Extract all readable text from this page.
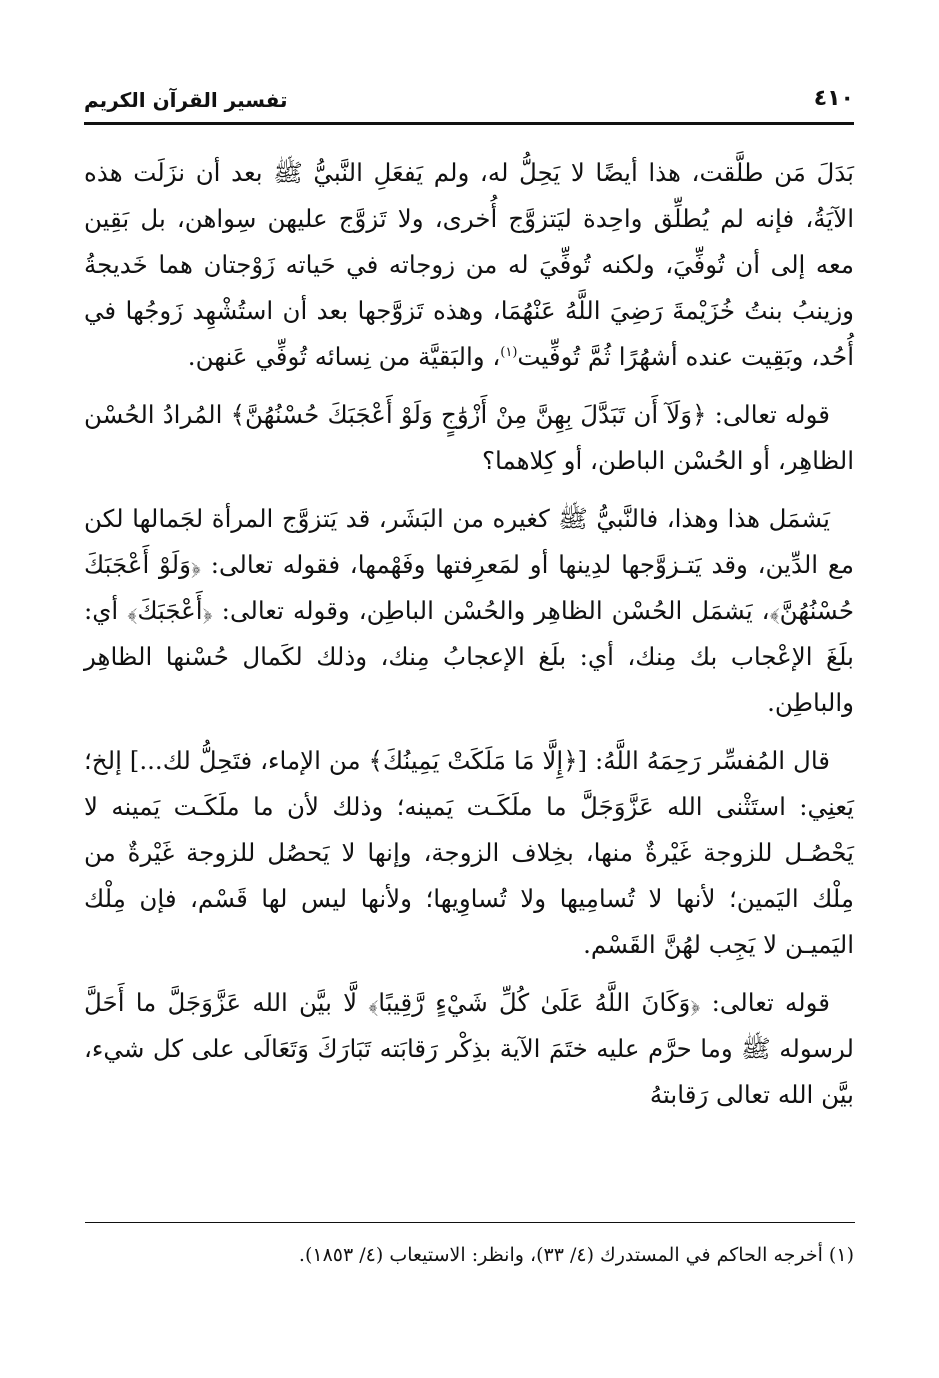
٤١٠
تفسير القرآن الكريم

بَدَلَ مَن طلَّقت، هذا أيضًا لا يَحِلُّ له، ولم يَفعَلِ النَّبيُّ ﷺ بعد أن نزَلَت هذه الآيَةُ، فإنه لم يُطلِّق واحِدة ليَتزوَّج أُخرى، ولا تَزوَّج عليهن سِواهن، بل بَقِين معه إلى أن تُوفِّيَ، ولكنه تُوفِّيَ له من زوجاته في حَياته زَوْجتان هما خَديجةُ وزينبُ بنتُ خُزَيْمةَ رَضِيَ اللَّهُ عَنْهُمَا، وهذه تَزوَّجها بعد أن استُشْهِد زَوجُها في أُحُد، وبَقِيت عنده أشهُرًا ثُمَّ تُوفِّيت$^{(١)}$، والبَقيَّة من نِسائه تُوفِّي عَنهن.

قوله تعالى: ﴿وَلَآ أَن تَبَدَّلَ بِهِنَّ مِنْ أَزْوَٰجٍ وَلَوْ أَعْجَبَكَ حُسْنُهُنَّ﴾ المُرادُ الحُسْن الظاهِر، أو الحُسْن الباطن، أو كِلاهما؟

يَشمَل هذا وهذا، فالنَّبيُّ ﷺ كغيره من البَشَر، قد يَتزوَّج المرأة لجَمالها لكن مع الدِّين، وقد يَتـزوَّجها لدِينها أو لمَعرِفتها وفَهْمها، فقوله تعالى: ﴿وَلَوْ أَعْجَبَكَ حُسْنُهُنَّ﴾، يَشمَل الحُسْن الظاهِر والحُسْن الباطِن، وقوله تعالى: ﴿أَعْجَبَكَ﴾ أي: بلَغَ الإعْجاب بك مِنك، أي: بلَغ الإعجابُ مِنك، وذلك لكَمال حُسْنها الظاهِر والباطِن.

قال المُفسِّر رَحِمَهُ اللَّهُ: [﴿إِلَّا مَا مَلَكَتْ يَمِينُكَ﴾ من الإماء، فتَحِلُّ لك...] إلخ؛ يَعنِي: استَثْنى الله عَزَّوَجَلَّ ما ملَكَـت يَمينه؛ وذلك لأن ما ملَكَـت يَمينه لا يَحْصُـل للزوجة غَيْرةٌ منها، بخِلاف الزوجة، وإنها لا يَحصُل للزوجة غَيْرةٌ من مِلْك اليَمين؛ لأنها لا تُسامِيها ولا تُساوِيها؛ ولأنها ليس لها قَسْم، فإن مِلْك اليَميـن لا يَجِب لهُنَّ القَسْم.

قوله تعالى: ﴿وَكَانَ اللَّهُ عَلَىٰ كُلِّ شَيْءٍ رَّقِيبًا﴾ لَّا بيَّن الله عَزَّوَجَلَّ ما أَحَلَّ لرسوله ﷺ وما حرَّم عليه ختَمَ الآية بذِكْر رَقابَته تَبَارَكَ وَتَعَالَى على كل شيء، بيَّن الله تعالى رَقابتهُ

(١) أخرجه الحاكم في المستدرك (٤/ ٣٣)، وانظر: الاستيعاب (٤/ ١٨٥٣).
